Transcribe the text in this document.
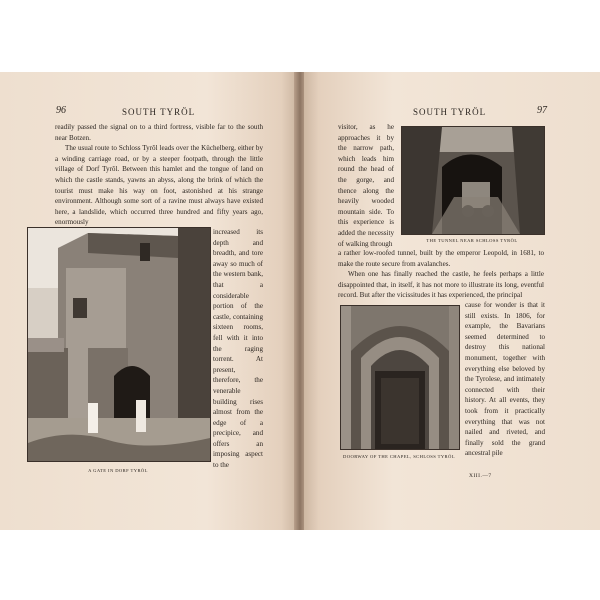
96	SOUTH TYRÖL

readily passed the signal on to a third fortress, visible far to the south near Botzen.

The usual route to Schloss Tyrôl leads over the Küchelberg, either by a winding carriage road, or by a steeper footpath, through the little village of Dorf Tyrôl. Between this hamlet and the tongue of land on which the castle stands, yawns an abyss, along the brink of which the tourist must make his way on foot, astonished at his strange environment. Although some sort of a ravine must always have existed here, a landslide, which occurred three hundred and fifty years ago, enormously

increased its depth and breadth, and tore away so much of the western bank, that a considerable portion of the castle, containing sixteen rooms, fell with it into the raging torrent. At present, therefore, the venerable building rises almost from the edge of a precipice, and offers an imposing aspect to the
A GATE IN DORF TYRÖL
SOUTH TYRÖL	97
visitor, as he approaches it by the narrow path, which leads him round the head of the gorge, and thence along the heavily wooded mountain side. To this experience is added the necessity of walking through	THE TUNNEL NEAR SCHLOSS TYRÖL

a rather low-roofed tunnel, built by the emperor Leopold, in 1681, to make the route secure from avalanches.

When one has finally reached the castle, he feels perhaps a little disappointed that, in itself, it has not more to illustrate its long, eventful record. But after the vicissitudes it has experienced, the principal

DOORWAY OF THE CHAPEL, SCHLOSS TYRÖL
cause for wonder is that it still exists. In 1806, for example, the Bavarians seemed determined to destroy this national monument, together with everything else beloved by the Tyrolese, and intimately connected with their history. At all events, they took from it practically everything that was not nailed and riveted, and finally sold the grand ancestral pile
XIII.—7
